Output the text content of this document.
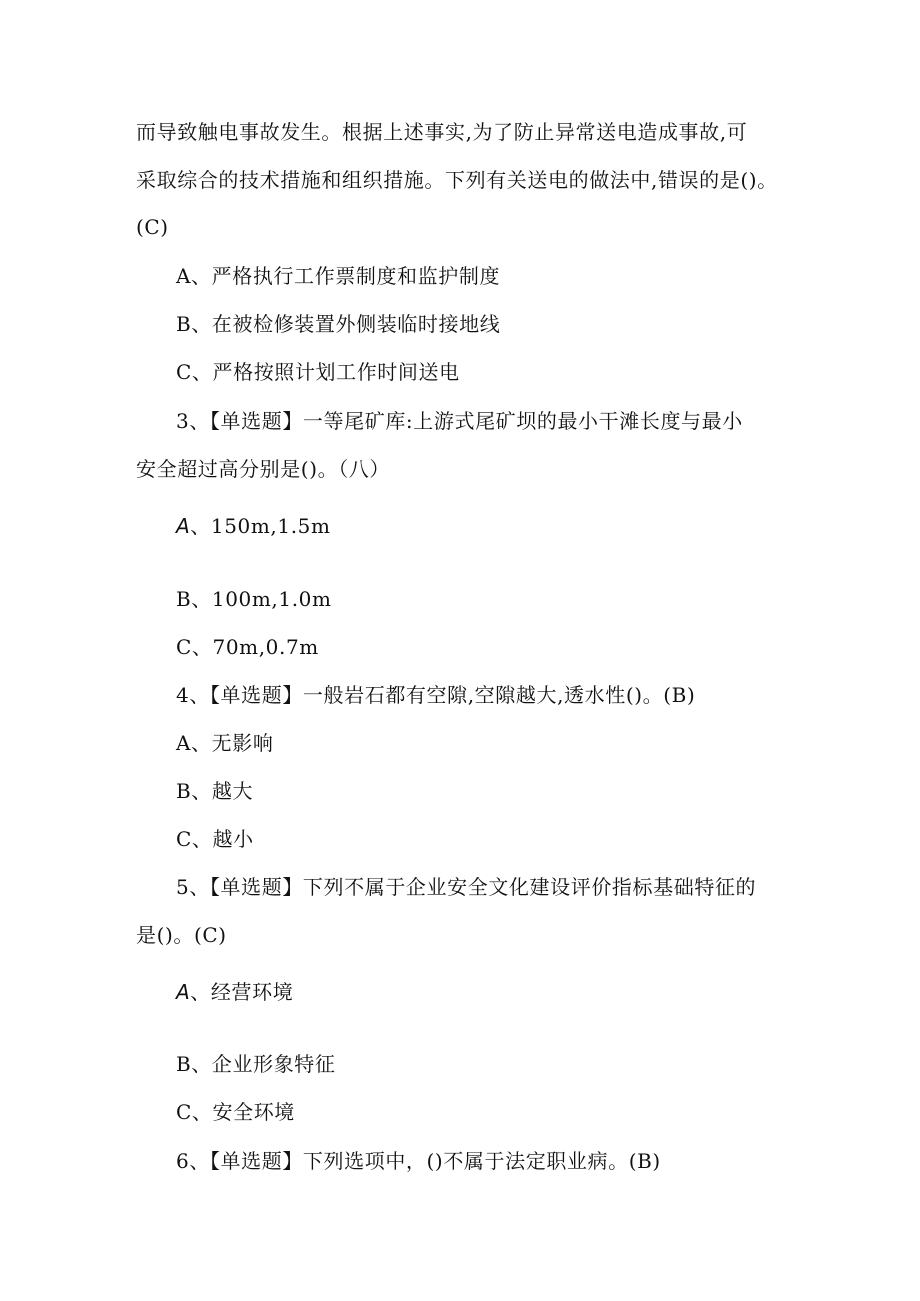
而导致触电事故发生。根据上述事实,为了防止异常送电造成事故,可
采取综合的技术措施和组织措施。下列有关送电的做法中,错误的是()。
(C)
A、严格执行工作票制度和监护制度
B、在被检修装置外侧装临时接地线
C、严格按照计划工作时间送电
3、【单选题】一等尾矿库:上游式尾矿坝的最小干滩长度与最小
安全超过高分别是()。（八）
A、150m,1.5m
B、100m,1.0m
C、70m,0.7m
4、【单选题】一般岩石都有空隙,空隙越大,透水性()。(B)
A、无影响
B、越大
C、越小
5、【单选题】下列不属于企业安全文化建设评价指标基础特征的
是()。(C)
A、经营环境
B、企业形象特征
C、安全环境
6、【单选题】下列选项中，()不属于法定职业病。(B)
